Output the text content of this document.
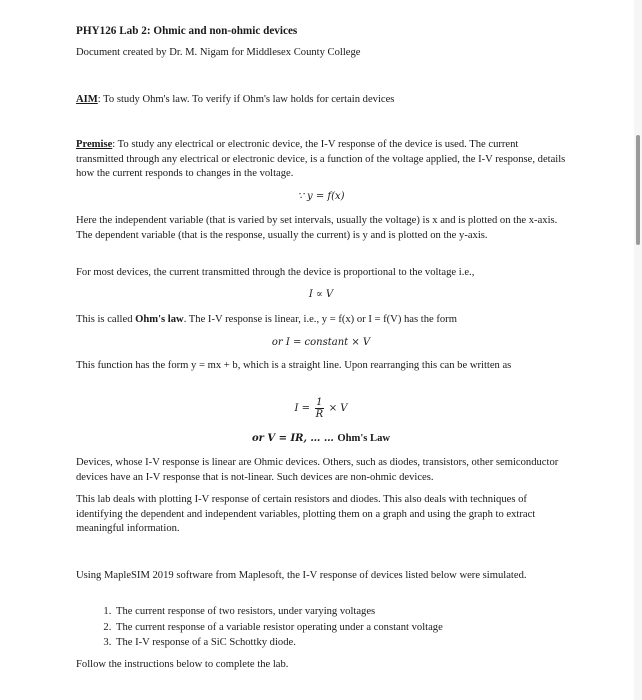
PHY126 Lab 2: Ohmic and non-ohmic devices
Document created by Dr. M. Nigam for Middlesex County College
AIM: To study Ohm's law. To verify if Ohm's law holds for certain devices
Premise: To study any electrical or electronic device, the I-V response of the device is used. The current transmitted through any electrical or electronic device, is a function of the voltage applied, the I-V response, details how the current responds to changes in the voltage.
∵ y = f(x)
Here the independent variable (that is varied by set intervals, usually the voltage) is x and is plotted on the x-axis. The dependent variable (that is the response, usually the current) is y and is plotted on the y-axis.
For most devices, the current transmitted through the device is proportional to the voltage i.e.,
I ∝ V
This is called Ohm's law. The I-V response is linear, i.e., y = f(x) or I = f(V) has the form
or I = constant × V
This function has the form y = mx + b, which is a straight line. Upon rearranging this can be written as
$I = \frac{1}{R} \times V$
or V = IR, … … Ohm's Law
Devices, whose I-V response is linear are Ohmic devices. Others, such as diodes, transistors, other semiconductor devices have an I-V response that is not-linear. Such devices are non-ohmic devices.
This lab deals with plotting I-V response of certain resistors and diodes. This also deals with techniques of identifying the dependent and independent variables, plotting them on a graph and using the graph to extract meaningful information.
Using MapleSIM 2019 software from Maplesoft, the I-V response of devices listed below were simulated.
1. The current response of two resistors, under varying voltages
2. The current response of a variable resistor operating under a constant voltage
3. The I-V response of a SiC Schottky diode.
Follow the instructions below to complete the lab.
